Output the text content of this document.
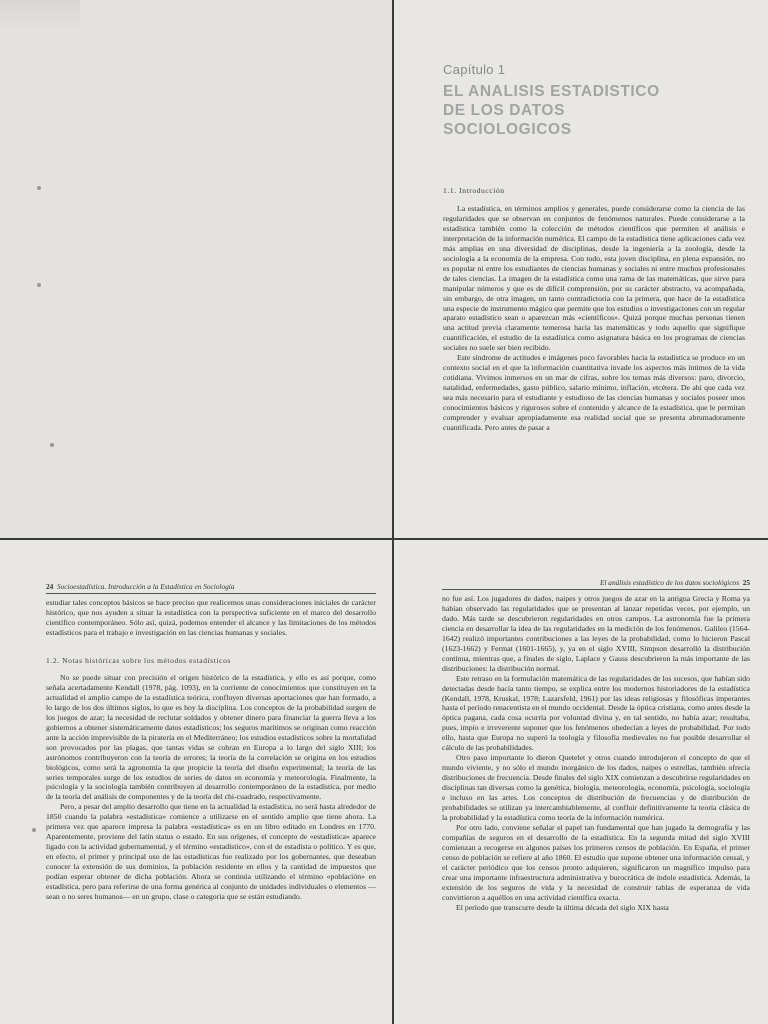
Capítulo 1
EL ANALISIS ESTADISTICO
DE LOS DATOS
SOCIOLOGICOS
1.1. Introducción

La estadística, en términos amplios y generales, puede considerarse como la ciencia de las regularidades que se observan en conjuntos de fenómenos naturales. Puede considerarse a la estadística también como la colección de métodos científicos que permiten el análisis e interpretación de la información numérica. El campo de la estadística tiene aplicaciones cada vez más amplias en una diversidad de disciplinas, desde la ingeniería a la zoología, desde la sociología a la economía de la empresa. Con todo, esta joven disciplina, en plena expansión, no es popular ni entre los estudiantes de ciencias humanas y sociales ni entre muchos profesionales de tales ciencias. La imagen de la estadística como una rama de las matemáticas, que sirve para manipular números y que es de difícil comprensión, por su carácter abstracto, va acompañada, sin embargo, de otra imagen, un tanto contradictoria con la primera, que hace de la estadística una especie de instrumento mágico que permite que los estudios o investigaciones con un regular aparato estadístico sean o aparezcan más «científicos». Quizá porque muchas personas tienen una actitud previa claramente temerosa hacia las matemáticas y todo aquello que signifique cuantificación, el estudio de la estadística como asignatura básica en los programas de ciencias sociales no suele ser bien recibido.

Este síndrome de actitudes e imágenes poco favorables hacia la estadística se produce en un contexto social en el que la información cuantitativa invade los aspectos más íntimos de la vida cotidiana. Vivimos inmersos en un mar de cifras, sobre los temas más diversos: paro, divorcio, natalidad, enfermedades, gasto público, salario mínimo, inflación, etcétera. De ahí que cada vez sea más necesario para el estudiante y estudioso de las ciencias humanas y sociales poseer unos conocimientos básicos y rigurosos sobre el contenido y alcance de la estadística, que le permitan comprender y evaluar apropiadamente esa realidad social que se presenta abrumadoramente cuantificada. Pero antes de pasar a

24 Socioestadística. Introducción a la Estadística en Sociología

estudiar tales conceptos básicos se hace preciso que realicemos unas consideraciones iniciales de carácter histórico, que nos ayuden a situar la estadística con la perspectiva suficiente en el marco del desarrollo científico contemporáneo. Sólo así, quizá, podemos entender el alcance y las limitaciones de los métodos estadísticos para el trabajo e investigación en las ciencias humanas y sociales.

1.2. Notas históricas sobre los métodos estadísticos

No se puede situar con precisión el origen histórico de la estadística, y ello es así porque, como señala acertadamente Kendall (1978, pág. 1093), en la corriente de conocimientos que constituyen en la actualidad el amplio campo de la estadística teórica, confluyen diversas aportaciones que han formado, a lo largo de los dos últimos siglos, lo que es hoy la disciplina. Los conceptos de la probabilidad surgen de los juegos de azar; la necesidad de reclutar soldados y obtener dinero para financiar la guerra lleva a los gobiernos a obtener sistemáticamente datos estadísticos; los seguros marítimos se originan como reacción ante la acción imprevisible de la piratería en el Mediterráneo; los estudios estadísticos sobre la mortalidad son provocados por las plagas, que tantas vidas se cobran en Europa a lo largo del siglo XIII; los astrónomos contribuyeron con la teoría de errores; la teoría de la correlación se origina en los estudios biológicos, como será la agronomía la que propicie la teoría del diseño experimental; la teoría de las series temporales surge de los estudios de series de datos en economía y meteorología. Finalmente, la psicología y la sociología también contribuyen al desarrollo contemporáneo de la estadística, por medio de la teoría del análisis de componentes y de la teoría del chi-cuadrado, respectivamente.

Pero, a pesar del amplio desarrollo que tiene en la actualidad la estadística, no será hasta alrededor de 1850 cuando la palabra «estadística» comience a utilizarse en el sentido amplio que tiene ahora. La primera vez que aparece impresa la palabra «estadística» es en un libro editado en Londres en 1770. Aparentemente, proviene del latín status o estado. En sus orígenes, el concepto de «estadística» aparece ligado con la actividad gubernamental, y el término «estadístico», con el de estadista o político. Y es que, en efecto, el primer y principal uso de las estadísticas fue realizado por los gobernantes, que deseaban conocer la extensión de sus dominios, la población residente en ellos y la cantidad de impuestos que podían esperar obtener de dicha población. Ahora se continúa utilizando el término «población» en estadística, pero para referirse de una forma genérica al conjunto de unidades individuales o elementos —sean o no seres humanos— en un grupo, clase o categoría que se están estudiando.

El análisis estadístico de los datos sociológicos 25

no fue así. Los jugadores de dados, naipes y otros juegos de azar en la antigua Grecia y Roma ya habían observado las regularidades que se presentan al lanzar repetidas veces, por ejemplo, un dado. Más tarde se descubrieron regularidades en otros campos. La astronomía fue la primera ciencia en desarrollar la idea de las regularidades en la medición de los fenómenos. Galileo (1564-1642) realizó importantes contribuciones a las leyes de la probabilidad, como lo hicieron Pascal (1623-1662) y Fermat (1601-1665), y, ya en el siglo XVIII, Simpson desarrolló la distribución continua, mientras que, a finales de siglo, Laplace y Gauss descubrieron la más importante de las distribuciones: la distribución normal.

Este retraso en la formulación matemática de las regularidades de los sucesos, que habían sido detectadas desde hacía tanto tiempo, se explica entre los modernos historiadores de la estadística (Kendall, 1978, Kruskal, 1978; Lazarsfeld, 1961) por las ideas religiosas y filosóficas imperantes hasta el período renacentista en el mundo occidental. Desde la óptica cristiana, como antes desde la óptica pagana, cada cosa ocurría por voluntad divina y, en tal sentido, no había azar; resultaba, pues, impío e irreverente suponer que los fenómenos obedecían a leyes de probabilidad. Por todo ello, hasta que Europa no superó la teología y filosofía medievales no fue posible desarrollar el cálculo de las probabilidades.

Otro paso importante lo dieron Quetelet y otros cuando introdujeron el concepto de que el mundo viviente, y no sólo el mundo inorgánico de los dados, naipes o estrellas, también ofrecía distribuciones de frecuencia. Desde finales del siglo XIX comienzan a descubrirse regularidades en disciplinas tan diversas como la genética, biología, meteorología, economía, psicología, sociología e incluso en las artes. Los conceptos de distribución de frecuencias y de distribución de probabilidades se utilizan ya intercambiablemente, al confluir definitivamente la teoría clásica de la probabilidad y la estadística como teoría de la información numérica.

Por otro lado, conviene señalar el papel tan fundamental que han jugado la demografía y las compañías de seguros en el desarrollo de la estadística. En la segunda mitad del siglo XVIII comienzan a recogerse en algunos países los primeros censos de población. En España, el primer censo de población se refiere al año 1860. El estudio que supone obtener una información censal, y el carácter periódico que los censos pronto adquieren, significaron un magnífico impulso para crear una importante infraestructura administrativa y burocrática de índole estadística. Además, la extensión de los seguros de vida y la necesidad de construir tablas de esperanza de vida convirtieron a aquéllos en una actividad científica exacta.

El período que transcurre desde la última década del siglo XIX hasta
